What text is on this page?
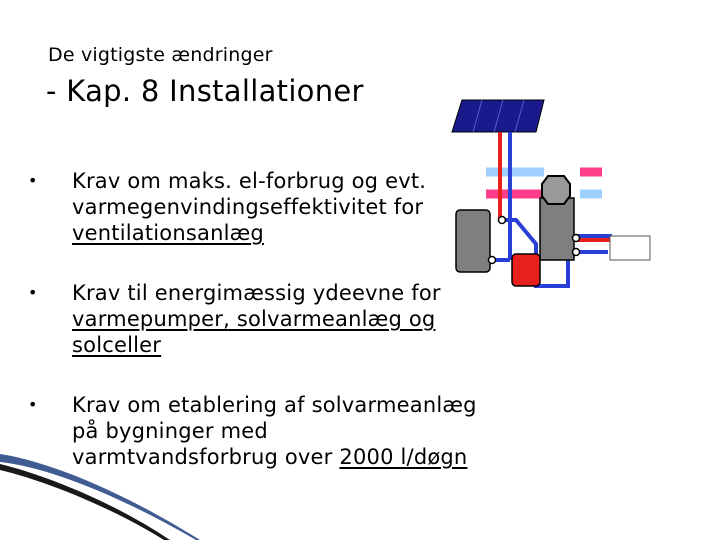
De vigtigste ændringer
- Kap. 8 Installationer
• Krav om maks. el-forbrug og evt. varmegenvindingseffektivitet for ventilationsanlæg
• Krav til energimæssig ydeevne for varmepumper, solvarmeanlæg og solceller
• Krav om etablering af solvarmeanlæg på bygninger med varmtvandsforbrug over 2000 l/døgn
